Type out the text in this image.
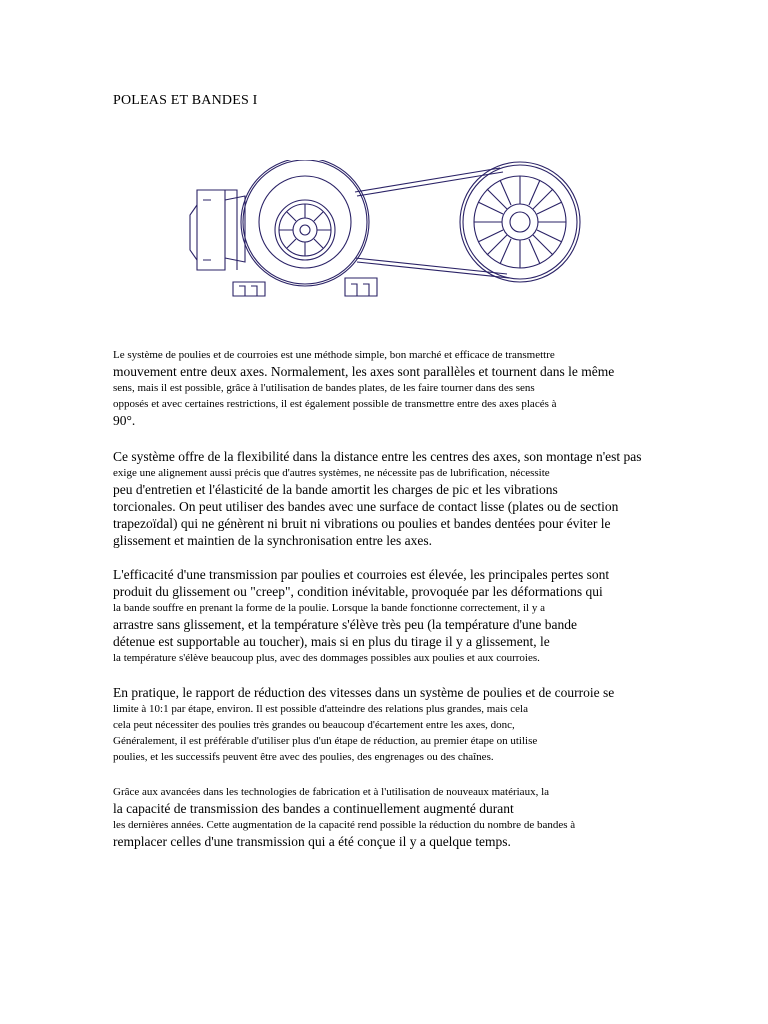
POLEAS ET BANDES I
Le système de poulies et de courroies est une méthode simple, bon marché et efficace de transmettre
mouvement entre deux axes. Normalement, les axes sont parallèles et tournent dans le même
sens, mais il est possible, grâce à l'utilisation de bandes plates, de les faire tourner dans des sens
opposés et avec certaines restrictions, il est également possible de transmettre entre des axes placés à
90°.
Ce système offre de la flexibilité dans la distance entre les centres des axes, son montage n'est pas
exige une alignement aussi précis que d'autres systèmes, ne nécessite pas de lubrification, nécessite
peu d'entretien et l'élasticité de la bande amortit les charges de pic et les vibrations
torcionales. On peut utiliser des bandes avec une surface de contact lisse (plates ou de section
trapezoïdal) qui ne génèrent ni bruit ni vibrations ou poulies et bandes dentées pour éviter le
glissement et maintien de la synchronisation entre les axes.
L'efficacité d'une transmission par poulies et courroies est élevée, les principales pertes sont
produit du glissement ou "creep", condition inévitable, provoquée par les déformations qui
la bande souffre en prenant la forme de la poulie. Lorsque la bande fonctionne correctement, il y a
arrastre sans glissement, et la température s'élève très peu (la température d'une bande
détenue est supportable au toucher), mais si en plus du tirage il y a glissement, le
la température s'élève beaucoup plus, avec des dommages possibles aux poulies et aux courroies.
En pratique, le rapport de réduction des vitesses dans un système de poulies et de courroie se
limite à 10:1 par étape, environ. Il est possible d'atteindre des relations plus grandes, mais cela
cela peut nécessiter des poulies très grandes ou beaucoup d'écartement entre les axes, donc,
Généralement, il est préférable d'utiliser plus d'un étape de réduction, au premier étape on utilise
poulies, et les successifs peuvent être avec des poulies, des engrenages ou des chaînes.
Grâce aux avancées dans les technologies de fabrication et à l'utilisation de nouveaux matériaux, la
la capacité de transmission des bandes a continuellement augmenté durant
les dernières années. Cette augmentation de la capacité rend possible la réduction du nombre de bandes à
remplacer celles d'une transmission qui a été conçue il y a quelque temps.
